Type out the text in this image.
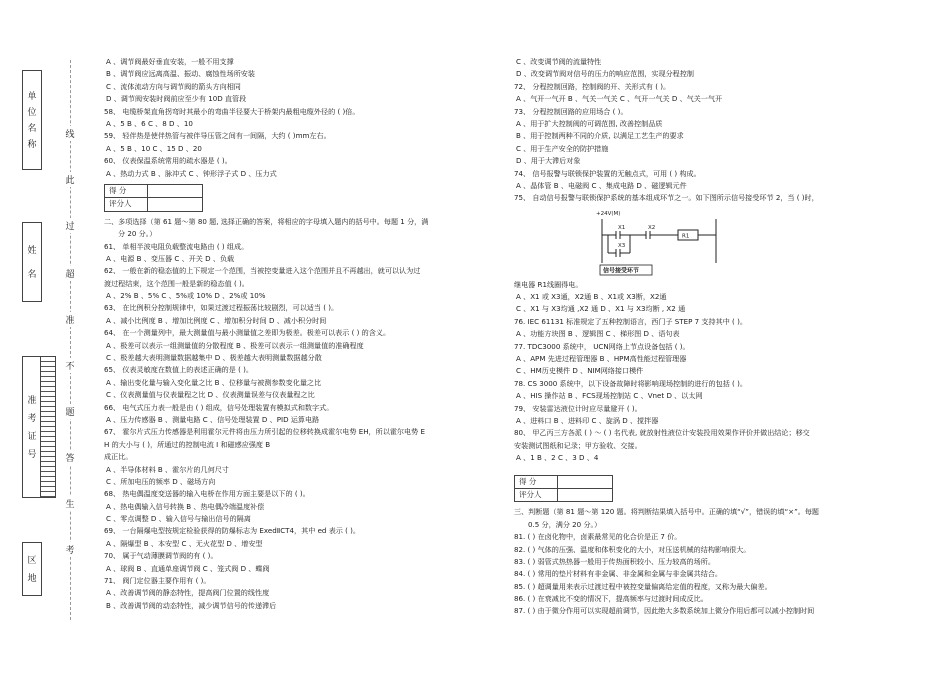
单
位
名
称
姓
名
准
考
证
号
区
地
线
此
过
超
准
不
题
答
生
考
A 、调节阀最好垂直安装，一般不用支撑
B 、调节阀应远离高温、振动、腐蚀性场所安装
C 、流体流动方向与调节阀的箭头方向相同
D 、调节阀安装时阀前应至少有 10D 直管段
58、 电缆桥架直角拐弯时其最小的弯曲半径要大于桥架内最粗电缆外径的 ( )倍。
A 、5 B 、6 C 、8 D 、10
59、 轻伴热是使伴热管与被伴导压管之间有一间隔，大约 ( )mm左右。
A 、5 B 、10 C 、15 D 、20
60、 仪表保温系统常用的疏水器是 ( )。
A 、热动力式 B 、脉冲式 C 、钟形浮子式 D 、压力式
得 分	
评分人	
二、多项选择（第 61 题～第 80 题, 选择正确的答案，将相应的字母填入题内的括号中。每题 1 分，满
分 20 分。）
61、 单相半波电阻负载整流电路由 ( ) 组成。
A 、电源 B 、变压器 C 、开关 D 、负载
62、 一般在新的稳态值的上下规定一个范围，当被控变量进入这个范围并且不再越出，就可以认为过
渡过程结束，这个范围一般是新的稳态值 ( )。
A 、2% B 、5% C 、5%或 10% D 、2%或 10%
63、 在比例积分控制规律中，如果过渡过程振荡比较剧烈，可以适当 ( )。
A 、减小比例度 B 、增加比例度 C 、增加积分时间 D 、减小积分时间
64、 在一个测量列中，最大测量值与最小测量值之差即为极差。极差可以表示 ( ) 的含义。
A 、极差可以表示一组测量值的分散程度 B 、极差可以表示一组测量值的准确程度
C 、极差越大表明测量数据越集中 D 、极差越大表明测量数据越分散
65、 仪表灵敏度在数值上的表述正确的是 ( )。
A 、输出变化量与输入变化量之比 B 、位移量与被测参数变化量之比
C 、仪表测量值与仪表量程之比 D 、仪表测量误差与仪表量程之比
66、 电气式压力表一般是由 ( ) 组成，信号处理装置有模拟式和数字式。
A 、压力传感器 B 、测量电路 C 、信号处理装置 D 、PID 运算电路
67、 霍尔片式压力传感器是利用霍尔元件将由压力所引起的位移转换成霍尔电势 EH，所以霍尔电势 E
H 的大小与 ( )，所通过的控制电流 I 和磁感应强度 B
成正比。
A 、半导体材料 B 、霍尔片的几何尺寸
C 、所加电压的频率 D 、磁场方向
68、 热电偶温度变送器的输入电桥在作用方面主要是以下的 ( )。
A 、热电偶输入信号转换 B 、热电偶冷端温度补偿
C 、零点调整 D 、输入信号与输出信号的隔离
69、 一台隔爆电型按规定检验获得的防爆标志为 ExedⅡCT4，其中 ed 表示 ( )。
A 、隔爆型 B 、本安型 C 、无火花型 D 、增安型
70、 属于气动薄膜调节阀的有 ( )。
A 、球阀 B 、直通单座调节阀 C 、笼式阀 D 、蝶阀
71、 阀门定位器主要作用有 ( )。
A 、改善调节阀的静态特性，提高阀门位置的线性度
B 、改善调节阀的动态特性，减少调节信号的传递滞后
C 、改变调节阀的流量特性
D 、改变调节阀对信号的压力的响应范围，实现分程控制
72、 分程控制回路，控制阀的开、关形式有 ( )。
A 、气开一气开 B 、气关一气关 C 、气开一气关 D 、气关一气开
73、 分程控制回路的应用场合 ( )。
A 、用于扩大控制阀的可调范围, 改善控制品质
B 、用于控制两种不同的介质, 以满足工艺生产的要求
C 、用于生产安全的防护措施
D 、用于大滞后对象
74、 信号报警与联锁保护装置的无触点式，可用 ( ) 构成。
A 、晶体管 B 、电磁阀 C 、集成电路 D 、磁逻辑元件
75、 自动信号报警与联锁保护系统的基本组成环节之一。如下图所示信号接受环节 2，当 ( )时，
+24V(M)
X1	X2
R1
X3
信号接受环节
继电器 R1线圈得电。
A 、X1 或 X3通，X2通 B 、X1或 X3断，X2通
C 、X1 与 X3均通 ,X2 通 D 、X1 与 X3均断 , X2 通
76. IEC 61131 标准规定了五种控制语言，西门子 STEP 7 支持其中 ( )。
A 、功能方块图 B 、逻辑图 C 、梯形图 D 、语句表
77. TDC3000 系统中， UCN网络上节点设备包括 ( )。
A 、APM 先进过程管理器 B 、HPM高性能过程管理器
C 、HM历史模件 D 、NIM网络接口模件
78. CS 3000 系统中，以下设备故障时将影响现场控制的进行的包括 ( )。
A 、HIS 操作站 B 、FCS现场控制站 C 、Vnet D 、以太网
79、 安装雷达液位计时应尽量避开 ( )。
A 、进料口 B 、进料印 C 、旋涡 D 、搅拌器
80、 甲乙丙三方各派 ( ) 〜 ( ) 名代表, 就放射性液位计安装投用效果作评价并做出结论；移交
安装测试图纸和记录；甲方验收、交接。
A 、1 B 、2 C 、3 D 、4
得 分	
评分人	
三、判断题（第 81 题～第 120 题。将判断结果填入括号中。正确的填“√”，错误的填“×”。每题
0.5 分，满分 20 分。）
81. ( ) 在卤化物中，卤素最常见的化合价是正 7 价。
82. ( ) 气体的压强、温度和体积变化的大小，对压送机械的结构影响很大。
83. ( ) 弱管式热热器一般用于传热面积较小、压力较高的场所。
84. ( ) 常用的垫片材料有非金属、非金属和金属与非金属共结合。
85. ( ) 超调量用来表示过渡过程中被控变量偏离给定值的程度，又称为最大偏差。
86. ( ) 在衰减比不变的情况下，提高频率与过渡时间成反比。
87. ( ) 由于微分作用可以实现超前调节，因此绝大多数系统加上微分作用后都可以减小控制时间
